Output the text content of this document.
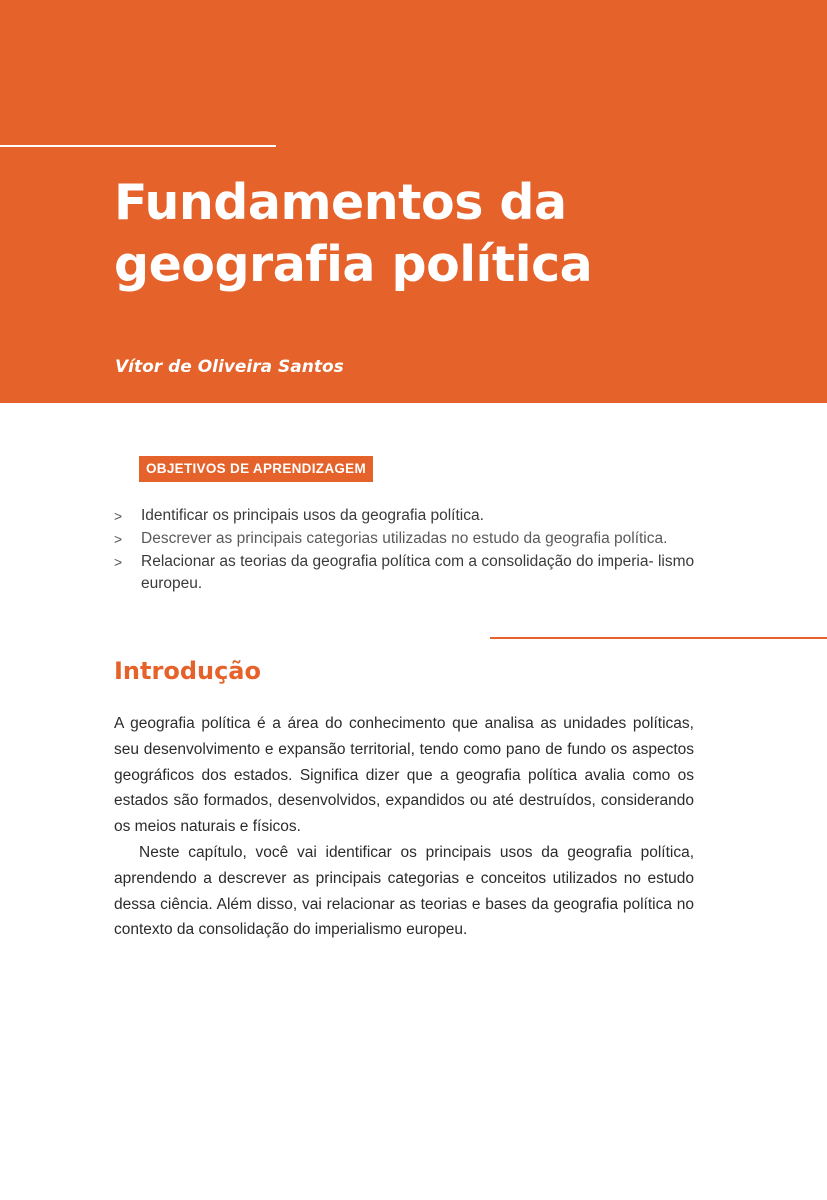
Fundamentos da
geografia política
Vítor de Oliveira Santos
OBJETIVOS DE APRENDIZAGEM
> Identificar os principais usos da geografia política.
> Descrever as principais categorias utilizadas no estudo da geografia política.
> Relacionar as teorias da geografia política com a consolidação do imperia- lismo europeu.
Introdução

A geografia política é a área do conhecimento que analisa as unidades políticas, seu desenvolvimento e expansão territorial, tendo como pano de fundo os aspectos geográficos dos estados. Significa dizer que a geografia política avalia como os estados são formados, desenvolvidos, expandidos ou até destruídos, considerando os meios naturais e físicos.

Neste capítulo, você vai identificar os principais usos da geografia política, aprendendo a descrever as principais categorias e conceitos utilizados no estudo dessa ciência. Além disso, vai relacionar as teorias e bases da geografia política no contexto da consolidação do imperialismo europeu.
